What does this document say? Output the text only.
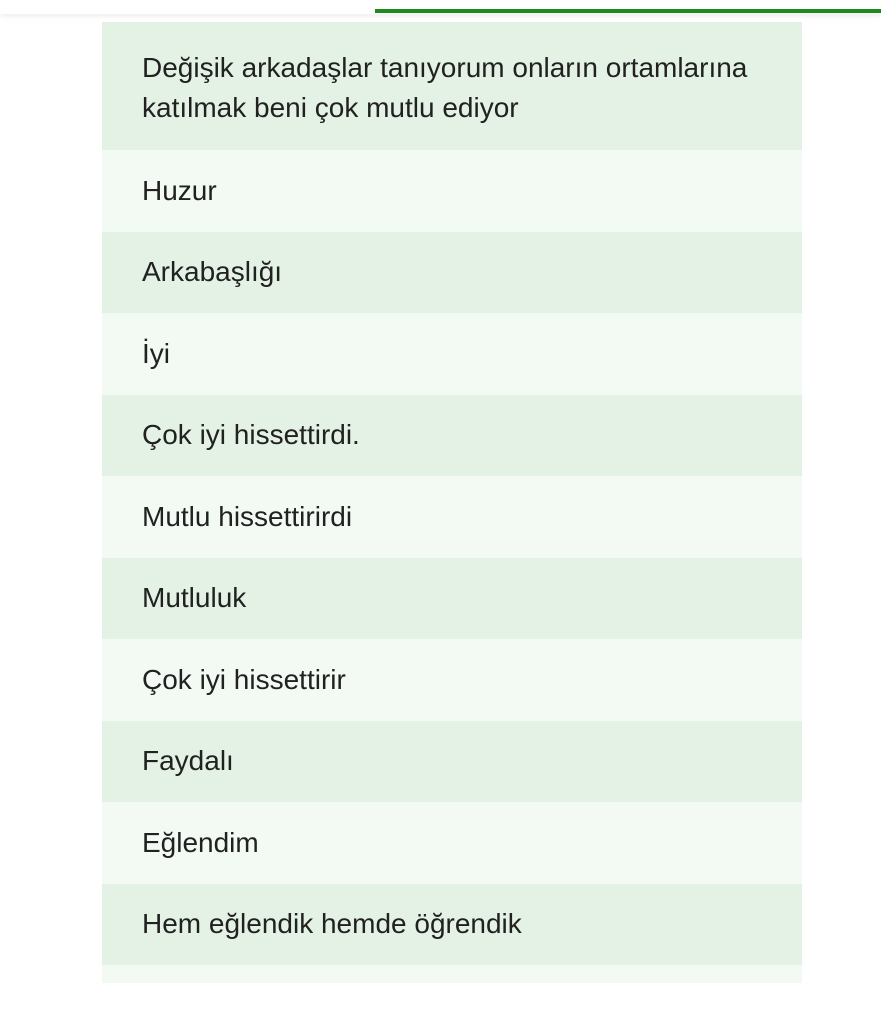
Değişik arkadaşlar tanıyorum onların ortamlarına katılmak beni çok mutlu ediyor
Huzur
Arkabaşlığı
İyi
Çok iyi hissettirdi.
Mutlu hissettirirdi
Mutluluk
Çok iyi hissettirir
Faydalı
Eğlendim
Hem eğlendik hemde öğrendik
